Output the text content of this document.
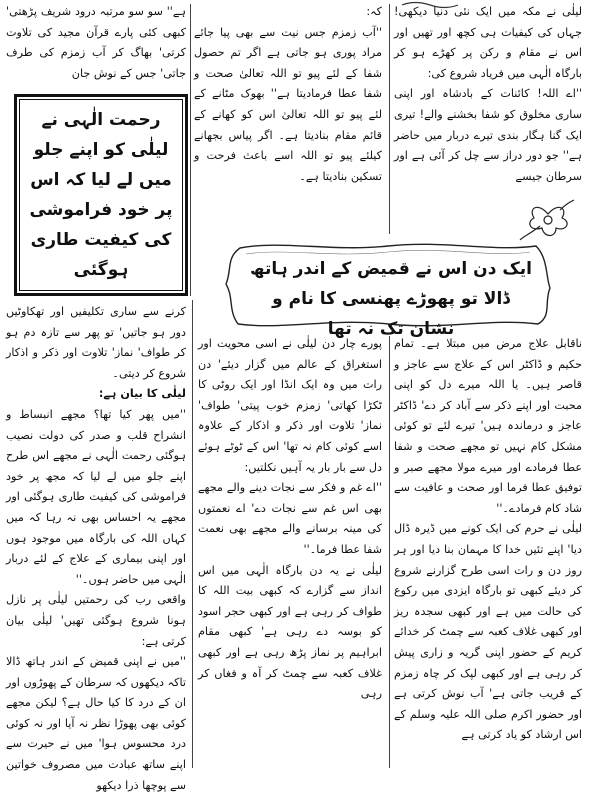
لیلٰی نے مکہ میں ایک نئی دنیا دیکھی! جہاں کی کیفیات ہی کچھ اور تھیں اور اس نے مقام و رکن پر کھڑے ہو کر بارگاہ الٰہی میں فریاد شروع کی:

''اے اللہ! کائنات کے بادشاہ اور اپنی ساری مخلوق کو شفا بخشنے والے! تیری ایک گنا ہگار بندی تیرے دربار میں حاضر ہے'' جو دور دراز سے چل کر آئی ہے اور سرطان جیسے

کہ:

''آب زمزم جس نیت سے بھی پیا جائے مراد پوری ہو جاتی ہے اگر تم حصول شفا کے لئے پیو تو اللہ تعالیٰ صحت و شفا عطا فرمادیتا ہے'' بھوک مٹانے کے لئے پیو تو اللہ تعالیٰ اس کو کھانے کے قائم مقام بنادیتا ہے۔ اگر پیاس بجھانے کیلئے پیو تو اللہ اسے باعث فرحت و تسکین بنادیتا ہے۔

ہے'' سو سو مرتبہ درود شریف پڑھتی' کبھی کئی پارے قرآن مجید کی تلاوت کرتی' بھاگ کر آب زمزم کی طرف جاتی' جس کے نوش جان

رحمت الٰہی نے لیلٰی کو اپنے جلو میں لے لیا کہ اس پر خود فراموشی کی کیفیت طاری ہوگئی	ایک دن اس نے قمیض کے اندر ہاتھ ڈالا تو پھوڑے پھنسی کا نام و نشان تک نہ تھا

کرنے سے ساری تکلیفیں اور تھکاوٹیں دور ہو جاتیں' تو پھر سے تازہ دم ہو کر طواف' نماز' تلاوت اور ذکر و اذکار شروع کر دیتی۔

لیلٰی کا بیان ہے:

''میں پھر کیا تھا؟ مجھے انبساط و انشراح قلب و صدر کی دولت نصیب ہوگئی رحمت الٰہی نے مجھے اس طرح اپنے جلو میں لے لیا کہ مجھ پر خود فراموشی کی کیفیت طاری ہوگئی اور مجھے یہ احساس بھی نہ رہا کہ میں کہاں اللہ کی بارگاہ میں موجود ہوں اور اپنی بیماری کے علاج کے لئے دربار الٰہی میں حاضر ہوں۔''

واقعی رب کی رحمتیں لیلٰی پر نازل ہونا شروع ہوگئی تھیں' لیلٰی بیان کرتی ہے:

''میں نے اپنی قمیض کے اندر ہاتھ ڈالا تاکہ دیکھوں کہ سرطان کے پھوڑوں اور ان کے درد کا کیا حال ہے؟ لیکن مجھے کوئی بھی پھوڑا نظر نہ آیا اور نہ کوئی درد محسوس ہوا' میں نے حیرت سے اپنے ساتھ عبادت میں مصروف خواتین سے پوچھا ذرا دیکھو

پورے چار دن لیلٰی نے اسی محویت اور استغراق کے عالم میں گزار دیئے' دن رات میں وہ ایک انڈا اور ایک روٹی کا ٹکڑا کھاتی' زمزم خوب پیتی' طواف' نماز' تلاوت اور ذکر و اذکار کے علاوہ اسے کوئی کام نہ تھا' اس کے ٹوٹے ہوئے دل سے بار بار یہ آہیں نکلتیں:

''اے غم و فکر سے نجات دینے والے مجھے بھی اس غم سے نجات دے' اے نعمتوں کی مینہ برسانے والے مجھے بھی نعمت شفا عطا فرما۔''

لیلٰی نے یہ دن بارگاہ الٰہی میں اس انداز سے گزارے کہ کبھی بیت اللہ کا طواف کر رہی ہے اور کبھی حجر اسود کو بوسہ دے رہی ہے' کبھی مقام ابراہیم پر نماز پڑھ رہی ہے اور کبھی غلاف کعبہ سے چمٹ کر آہ و فغاں کر رہی

ناقابل علاج مرض میں مبتلا ہے۔ تمام حکیم و ڈاکٹر اس کے علاج سے عاجز و قاصر ہیں۔ یا اللہ میرے دل کو اپنی محبت اور اپنے ذکر سے آباد کر دے' ڈاکٹر عاجز و درماندہ ہیں' تیرے لئے تو کوئی مشکل کام نہیں تو مجھے صحت و شفا عطا فرمادے اور میرے مولا مجھے صبر و توفیق عطا فرما اور صحت و عافیت سے شاد کام فرمادے۔''

لیلٰی نے حرم کی ایک کونے میں ڈیرہ ڈال دیا' اپنے تئیں خدا کا مہمان بنا دیا اور ہر روز دن و رات اسی طرح گزارنے شروع کر دیئے کبھی تو بارگاہ ایزدی میں رکوع کی حالت میں ہے اور کبھی سجدہ ریز اور کبھی غلاف کعبہ سے چمٹ کر خدائے کریم کے حضور اپنی گریہ و زاری پیش کر رہی ہے اور کبھی لپک کر چاہ زمزم کے قریب جاتی ہے' آب نوش کرتی ہے اور حضور اکرم صلی اللہ علیہ وسلم کے اس ارشاد کو یاد کرتی ہے
